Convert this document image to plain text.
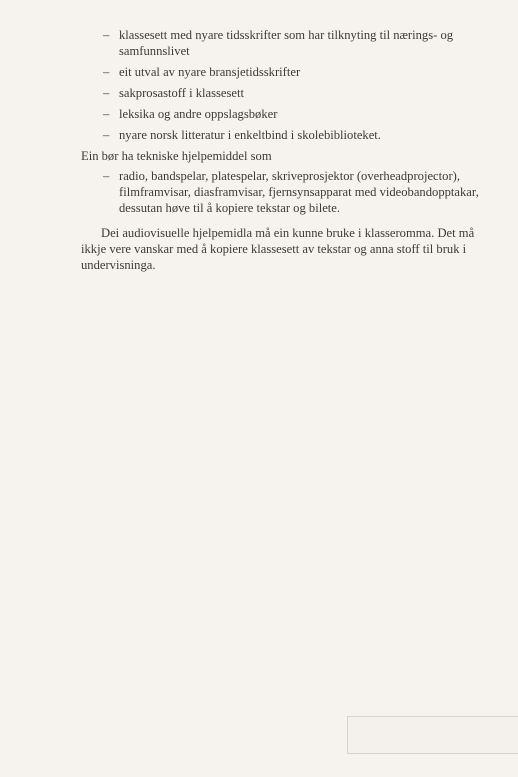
– klassesett med nyare tidsskrifter som har tilknyting til nærings- og samfunnslivet
– eit utval av nyare bransjetidsskrifter
– sakprosastoff i klassesett
– leksika og andre oppslagsbøker
– nyare norsk litteratur i enkeltbind i skolebiblioteket.

Ein bør ha tekniske hjelpemiddel som

– radio, bandspelar, platespelar, skriveprosjektor (overheadprojector), filmframvisar, diasframvisar, fjernsynsapparat med videobandopptakar, dessutan høve til å kopiere tekstar og bilete.

Dei audiovisuelle hjelpemidla må ein kunne bruke i klasseromma. Det må ikkje vere vanskar med å kopiere klassesett av tekstar og anna stoff til bruk i undervisninga.
